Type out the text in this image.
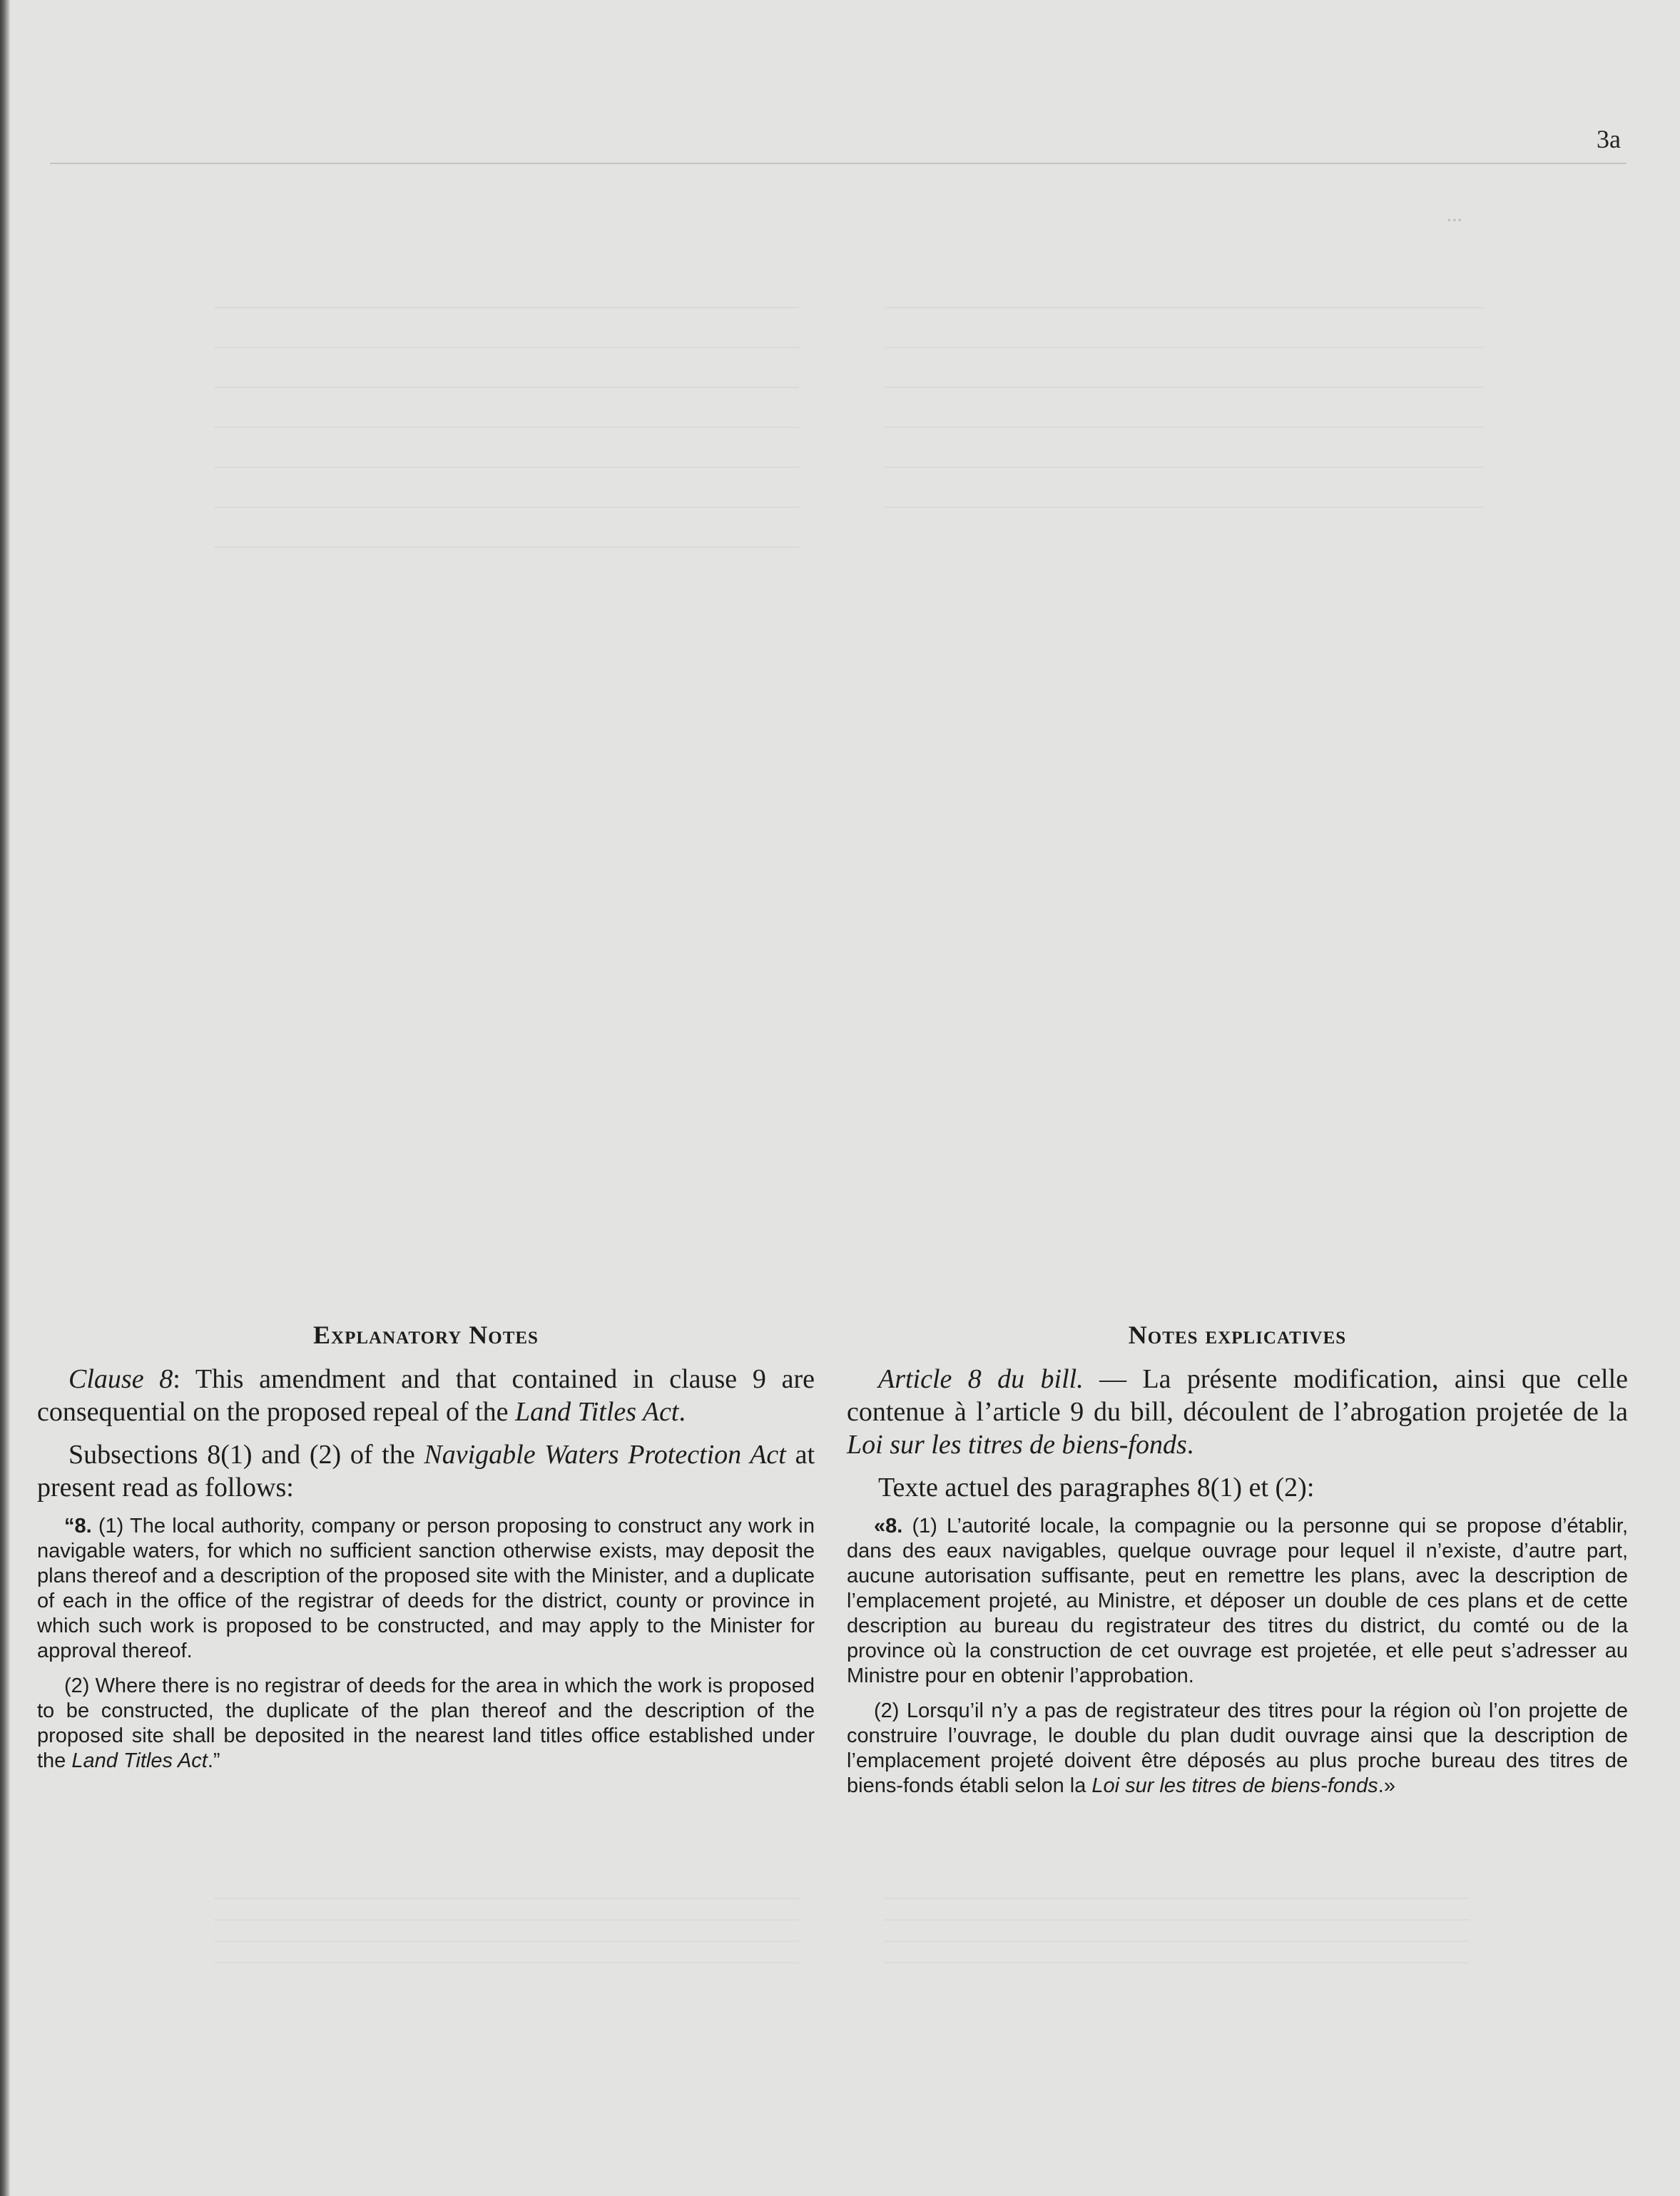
...
3a
Explanatory Notes

Clause 8: This amendment and that contained in clause 9 are consequential on the proposed repeal of the Land Titles Act.

Subsections 8(1) and (2) of the Navigable Waters Protection Act at present read as follows:

“8. (1) The local authority, company or person proposing to construct any work in navigable waters, for which no sufficient sanction otherwise exists, may deposit the plans thereof and a description of the proposed site with the Minister, and a duplicate of each in the office of the registrar of deeds for the district, county or province in which such work is proposed to be constructed, and may apply to the Minister for approval thereof.

(2) Where there is no registrar of deeds for the area in which the work is proposed to be constructed, the duplicate of the plan thereof and the description of the proposed site shall be deposited in the nearest land titles office established under the Land Titles Act.”

Notes explicatives

Article 8 du bill. — La présente modification, ainsi que celle contenue à l’article 9 du bill, découlent de l’abrogation projetée de la Loi sur les titres de biens-fonds.

Texte actuel des paragraphes 8(1) et (2):

«8. (1) L’autorité locale, la compagnie ou la personne qui se propose d’établir, dans des eaux navigables, quelque ouvrage pour lequel il n’existe, d’autre part, aucune autorisation suffisante, peut en remettre les plans, avec la description de l’emplacement projeté, au Ministre, et déposer un double de ces plans et de cette description au bureau du registrateur des titres du district, du comté ou de la province où la construction de cet ouvrage est projetée, et elle peut s’adresser au Ministre pour en obtenir l’approbation.

(2) Lorsqu’il n’y a pas de registrateur des titres pour la région où l’on projette de construire l’ouvrage, le double du plan dudit ouvrage ainsi que la description de l’emplacement projeté doivent être déposés au plus proche bureau des titres de biens-fonds établi selon la Loi sur les titres de biens-fonds.»
